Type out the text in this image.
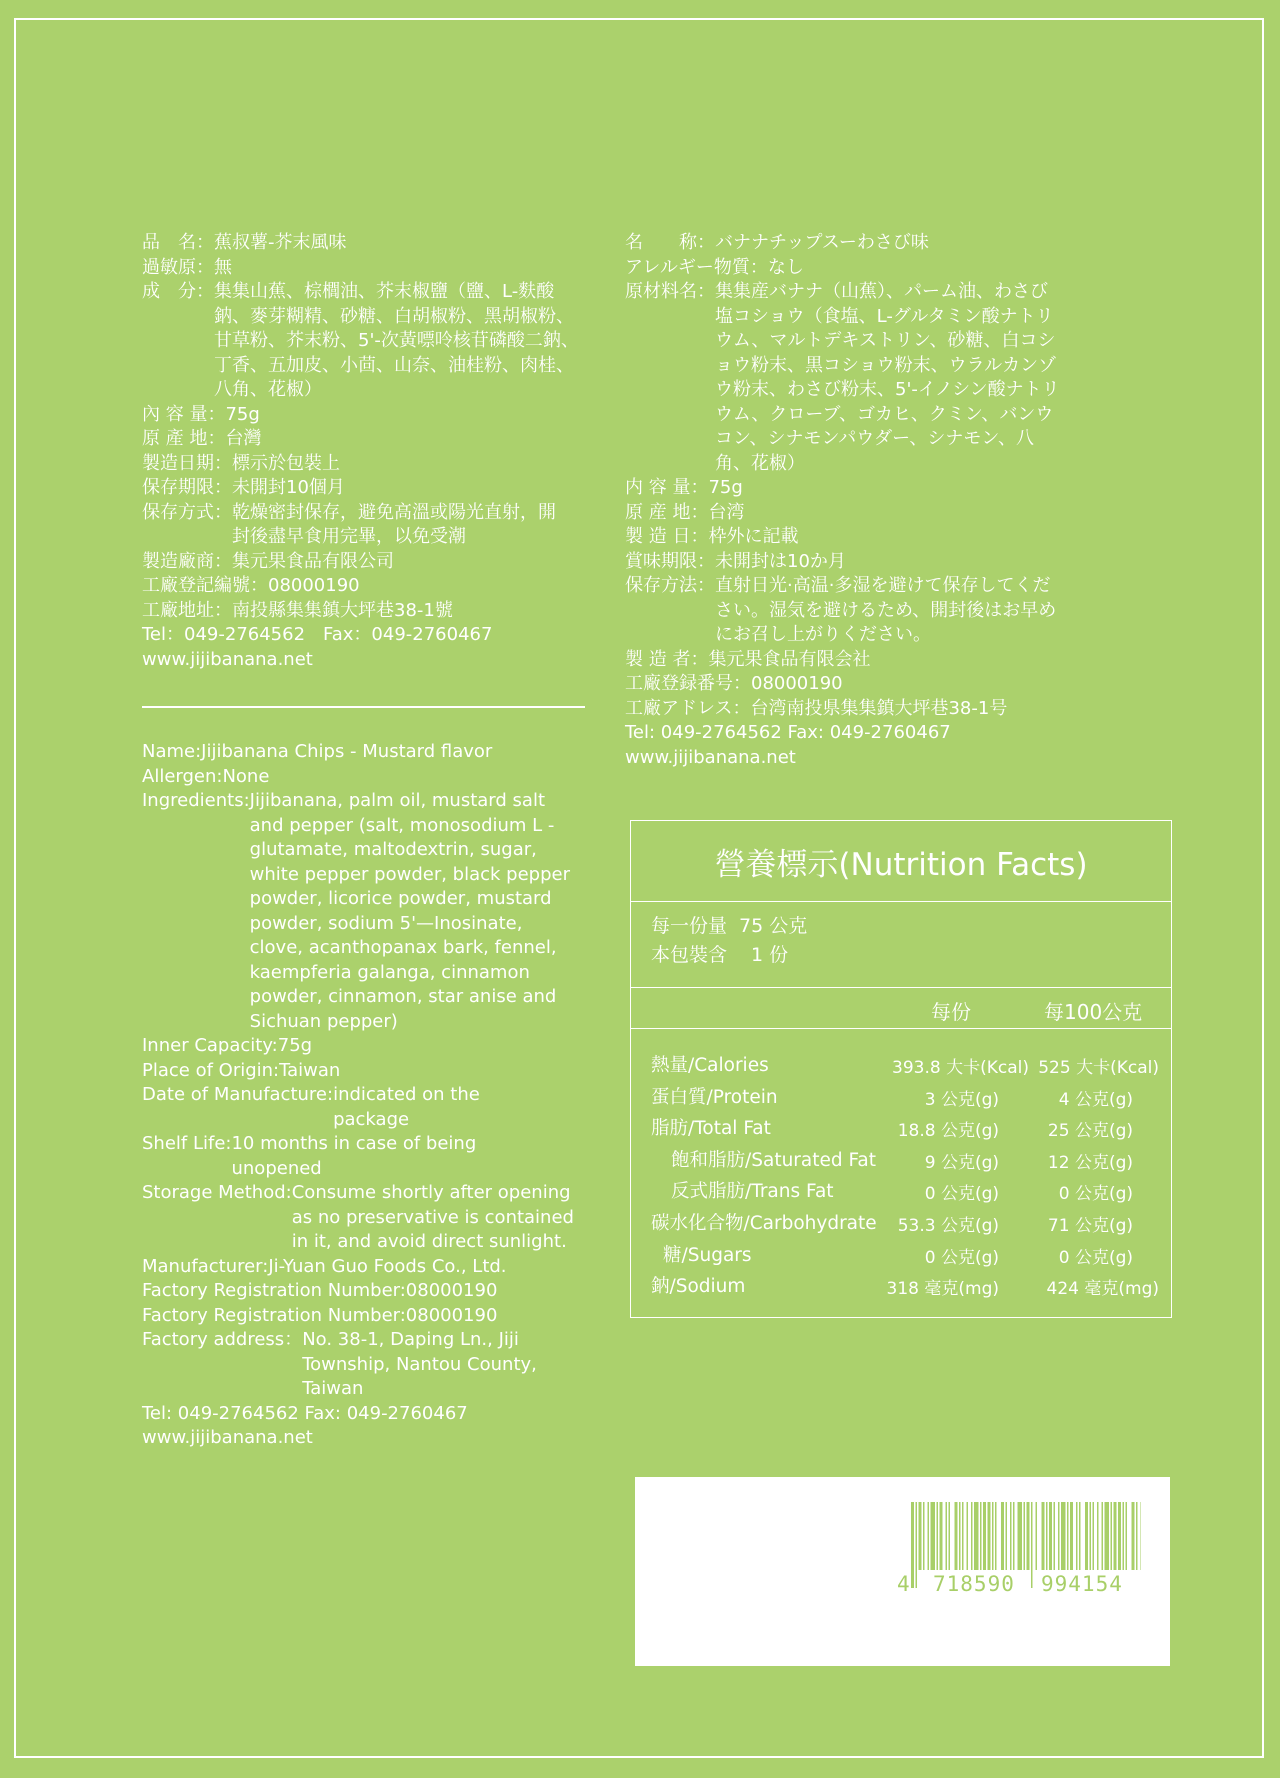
品　名： 蕉叔薯-芥末風味
過敏原： 無
成　分： 集集山蕉、棕櫚油、芥末椒鹽（鹽、L-麩酸鈉、麥芽糊精、砂糖、白胡椒粉、黑胡椒粉、甘草粉、芥末粉、5'-次黃嘌呤核苷磷酸二鈉、丁香、五加皮、小茴、山奈、油桂粉、肉桂、八角、花椒）
內 容 量： 75g
原 產 地： 台灣
製造日期： 標示於包裝上
保存期限： 未開封10個月
保存方式： 乾燥密封保存，避免高溫或陽光直射，開封後盡早食用完畢，以免受潮
製造廠商： 集元果食品有限公司
工廠登記編號： 08000190
工廠地址： 南投縣集集鎮大坪巷38-1號
Tel：049-2764562　Fax：049-2760467
www.jijibanana.net
Name: Jijibanana Chips - Mustard flavor
Allergen: None
Ingredients: Jijibanana, palm oil, mustard salt and pepper (salt, monosodium L - glutamate, maltodextrin, sugar, white pepper powder, black pepper powder, licorice powder, mustard powder, sodium 5'—Inosinate, clove, acanthopanax bark, fennel, kaempferia galanga, cinnamon powder, cinnamon, star anise and Sichuan pepper)
Inner Capacity: 75g
Place of Origin: Taiwan
Date of Manufacture: indicated on the package
Shelf Life: 10 months in case of being unopened
Storage Method: Consume shortly after opening as no preservative is contained in it, and avoid direct sunlight.
Manufacturer: Ji-Yuan Guo Foods Co., Ltd.
Factory Registration Number: 08000190
Factory Registration Number: 08000190
Factory address： No. 38-1, Daping Ln., Jiji Township, Nantou County, Taiwan
Tel: 049-2764562 Fax: 049-2760467
www.jijibanana.net
名　　称： バナナチップスーわさび味
アレルギー物質： なし
原材料名： 集集産バナナ（山蕉）、パーム油、わさび塩コショウ（食塩、L-グルタミン酸ナトリウム、マルトデキストリン、砂糖、白コショウ粉末、黒コショウ粉末、ウラルカンゾウ粉末、わさび粉末、5'-イノシン酸ナトリウム、クローブ、ゴカヒ、クミン、バンウコン、シナモンパウダー、シナモン、八角、花椒）
内 容 量： 75g
原 産 地： 台湾
製 造 日： 枠外に記載
賞味期限： 未開封は10か月
保存方法： 直射日光·高温·多湿を避けて保存してください。湿気を避けるため、開封後はお早めにお召し上がりください。
製 造 者： 集元果食品有限会社
工廠登録番号： 08000190
工廠アドレス： 台湾南投県集集鎮大坪巷38-1号
Tel: 049-2764562 Fax: 049-2760467
www.jijibanana.net
營養標示(Nutrition Facts)
每一份量 75 公克
本包裝含 1 份
每份	每100公克
熱量/Calories	393.8 大卡(Kcal) 525 大卡(Kcal)
蛋白質/Protein	3 公克(g)	4 公克(g)
脂肪/Total Fat	18.8 公克(g)	25 公克(g)
飽和脂肪/Saturated Fat	9 公克(g)	12 公克(g)
反式脂肪/Trans Fat	0 公克(g)	0 公克(g)
碳水化合物/Carbohydrate 53.3 公克(g)	71 公克(g)
糖/Sugars	0 公克(g)	0 公克(g)
鈉/Sodium	318 毫克(mg)	424 毫克(mg)
4 718590 994154
